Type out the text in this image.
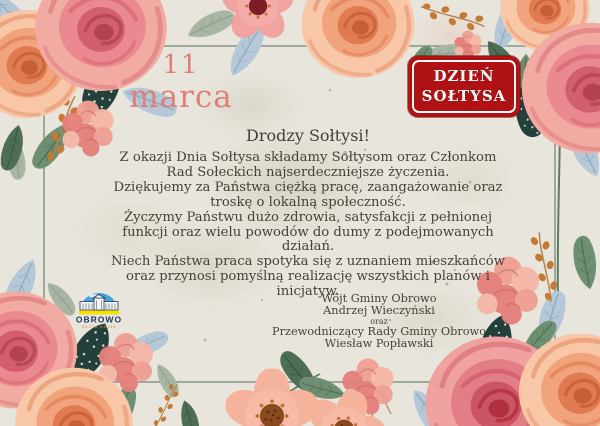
11
marca
DZIEŃ
SOŁTYSA
Drodzy Sołtysi!

Z okazji Dnia Sołtysa składamy Sołtysom oraz Członkom Rad Sołeckich najserdeczniejsze życzenia.

Dziękujemy za Państwa ciężką pracę, zaangażowanie oraz troskę o lokalną społeczność.

Życzymy Państwu dużo zdrowia, satysfakcji z pełnionej funkcji oraz wielu powodów do dumy z podejmowanych działań.

Niech Państwa praca spotyka się z uznaniem mieszkańców oraz przynosi pomyślną realizację wszystkich planów i inicjatyw.

Wójt Gminy Obrowo
Andrzej Wieczyński
oraz
Przewodniczący Rady Gminy Obrowo
Wiesław Popławski
OBROWO
NASZA GMINA
